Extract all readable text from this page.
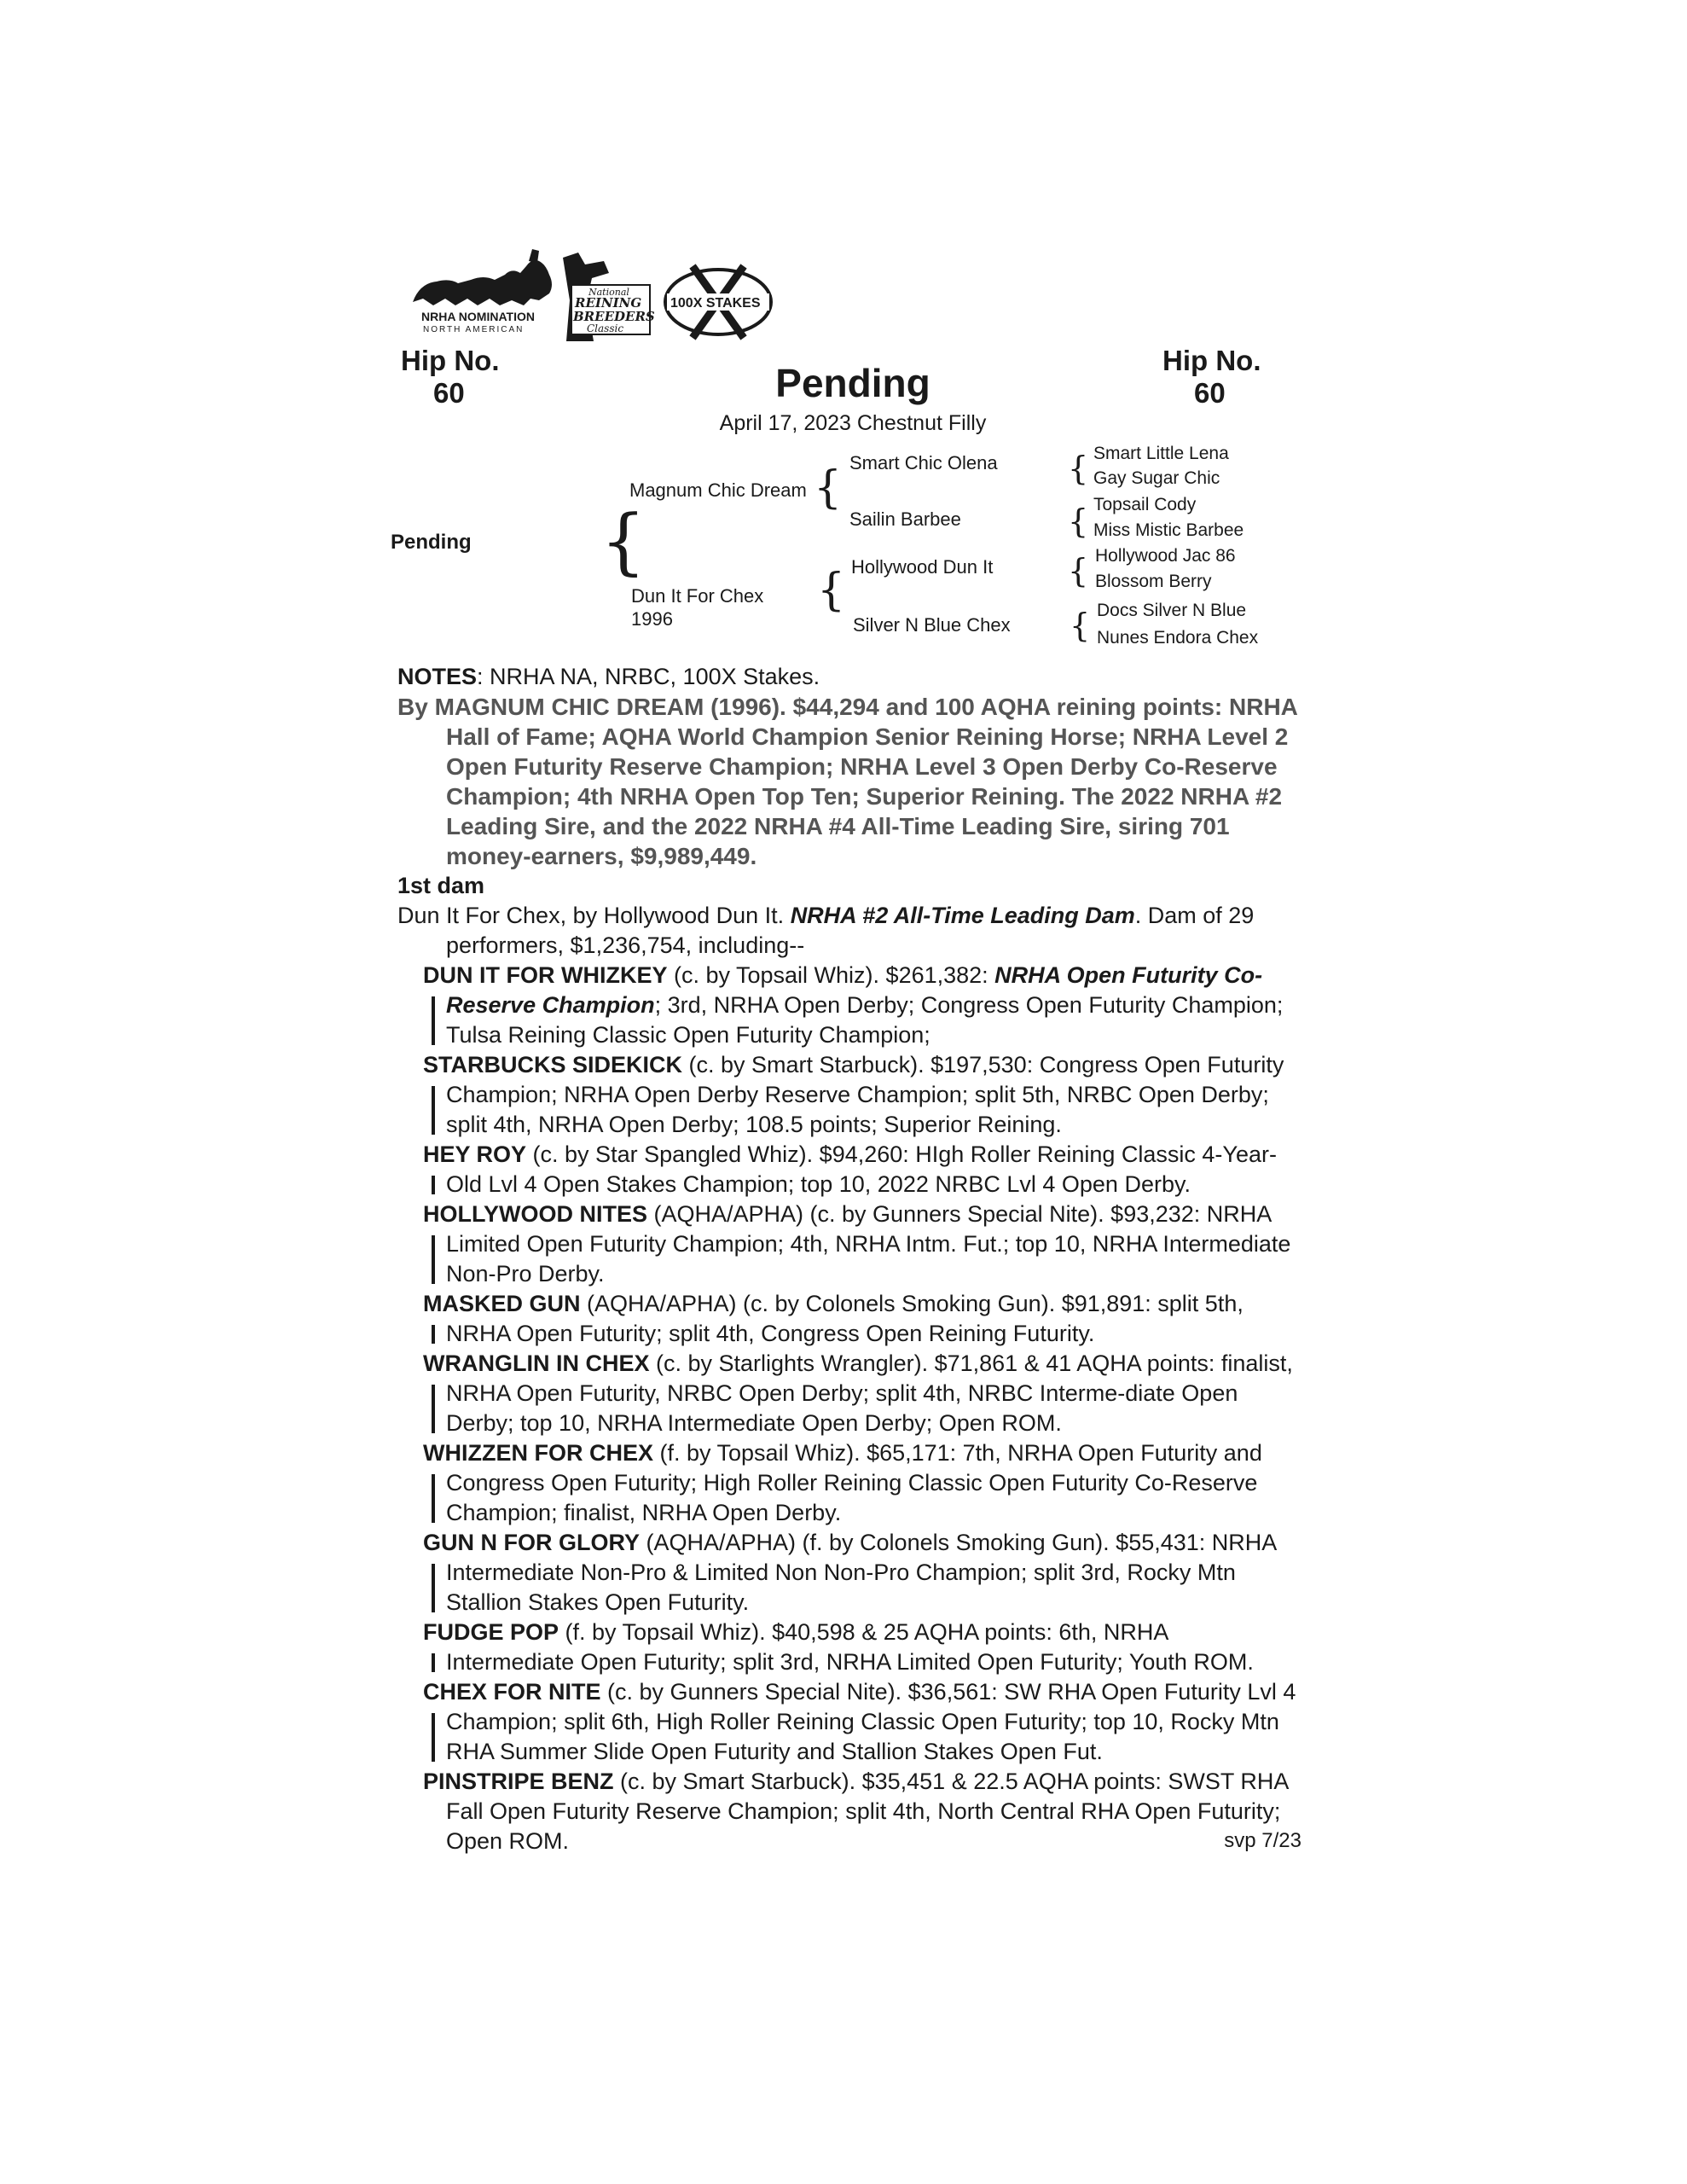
NRHA NOMINATION
NORTH AMERICAN
National
REINING
BREEDERS
Classic
100X STAKES
Hip No.
60
Hip No.
60
Pending
April 17, 2023 Chestnut Filly
Pending {
Magnum Chic Dream {
Dun It For Chex
1996
{
Smart Chic Olena
Sailin Barbee
Hollywood Dun It
Silver N Blue Chex
{ Smart Little Lena
Gay Sugar Chic
{ Topsail Cody
Miss Mistic Barbee
{ Hollywood Jac 86
Blossom Berry
{ Docs Silver N Blue
Nunes Endora Chex
NOTES: NRHA NA, NRBC, 100X Stakes.
By MAGNUM CHIC DREAM (1996). $44,294 and 100 AQHA reining points: NRHA Hall of Fame; AQHA World Champion Senior Reining Horse; NRHA Level 2 Open Futurity Reserve Champion; NRHA Level 3 Open Derby Co-Reserve Champion; 4th NRHA Open Top Ten; Superior Reining. The 2022 NRHA #2 Leading Sire, and the 2022 NRHA #4 All-Time Leading Sire, siring 701 money-earners, $9,989,449.
1st dam
Dun It For Chex, by Hollywood Dun It. NRHA #2 All-Time Leading Dam. Dam of 29 performers, $1,236,754, including--
DUN IT FOR WHIZKEY (c. by Topsail Whiz). $261,382: NRHA Open Futurity Co-Reserve Champion; 3rd, NRHA Open Derby; Congress Open Futurity Champion; Tulsa Reining Classic Open Futurity Champion;
STARBUCKS SIDEKICK (c. by Smart Starbuck). $197,530: Congress Open Futurity Champion; NRHA Open Derby Reserve Champion; split 5th, NRBC Open Derby; split 4th, NRHA Open Derby; 108.5 points; Superior Reining.
HEY ROY (c. by Star Spangled Whiz). $94,260: HIgh Roller Reining Classic 4-Year-Old Lvl 4 Open Stakes Champion; top 10, 2022 NRBC Lvl 4 Open Derby.
HOLLYWOOD NITES (AQHA/APHA) (c. by Gunners Special Nite). $93,232: NRHA Limited Open Futurity Champion; 4th, NRHA Intm. Fut.; top 10, NRHA Intermediate Non-Pro Derby.
MASKED GUN (AQHA/APHA) (c. by Colonels Smoking Gun). $91,891: split 5th, NRHA Open Futurity; split 4th, Congress Open Reining Futurity.
WRANGLIN IN CHEX (c. by Starlights Wrangler). $71,861 & 41 AQHA points: finalist, NRHA Open Futurity, NRBC Open Derby; split 4th, NRBC Interme-diate Open Derby; top 10, NRHA Intermediate Open Derby; Open ROM.
WHIZZEN FOR CHEX (f. by Topsail Whiz). $65,171: 7th, NRHA Open Futurity and Congress Open Futurity; High Roller Reining Classic Open Futurity Co-Reserve Champion; finalist, NRHA Open Derby.
GUN N FOR GLORY (AQHA/APHA) (f. by Colonels Smoking Gun). $55,431: NRHA Intermediate Non-Pro & Limited Non Non-Pro Champion; split 3rd, Rocky Mtn Stallion Stakes Open Futurity.
FUDGE POP (f. by Topsail Whiz). $40,598 & 25 AQHA points: 6th, NRHA Intermediate Open Futurity; split 3rd, NRHA Limited Open Futurity; Youth ROM.
CHEX FOR NITE (c. by Gunners Special Nite). $36,561: SW RHA Open Futurity Lvl 4 Champion; split 6th, High Roller Reining Classic Open Futurity; top 10, Rocky Mtn RHA Summer Slide Open Futurity and Stallion Stakes Open Fut.
PINSTRIPE BENZ (c. by Smart Starbuck). $35,451 & 22.5 AQHA points: SWST RHA Fall Open Futurity Reserve Champion; split 4th, North Central RHA Open Futurity; Open ROM.	svp 7/23
